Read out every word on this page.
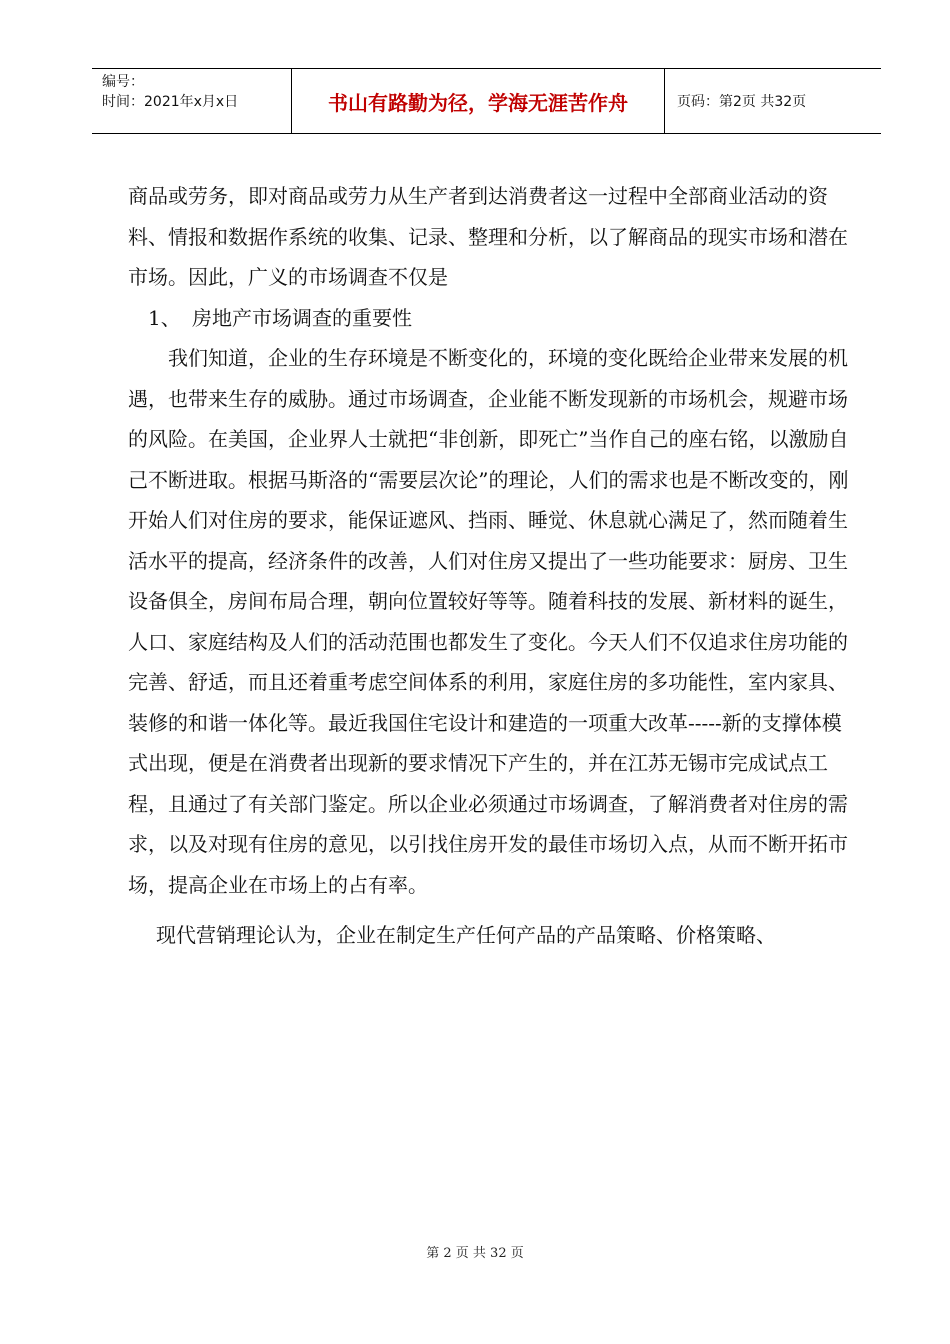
编号：
时间：2021年x月x日	书山有路勤为径，学海无涯苦作舟	页码：第2页 共32页

商品或劳务，即对商品或劳力从生产者到达消费者这一过程中全部商业活动的资料、情报和数据作系统的收集、记录、整理和分析，以了解商品的现实市场和潜在市场。因此，广义的市场调查不仅是

1、 房地产市场调查的重要性

我们知道，企业的生存环境是不断变化的，环境的变化既给企业带来发展的机遇，也带来生存的威胁。通过市场调查，企业能不断发现新的市场机会，规避市场的风险。在美国，企业界人士就把“非创新，即死亡”当作自己的座右铭，以激励自己不断进取。根据马斯洛的“需要层次论”的理论，人们的需求也是不断改变的，刚开始人们对住房的要求，能保证遮风、挡雨、睡觉、休息就心满足了，然而随着生活水平的提高，经济条件的改善，人们对住房又提出了一些功能要求：厨房、卫生设备俱全，房间布局合理，朝向位置较好等等。随着科技的发展、新材料的诞生，人口、家庭结构及人们的活动范围也都发生了变化。今天人们不仅追求住房功能的完善、舒适，而且还着重考虑空间体系的利用，家庭住房的多功能性，室内家具、装修的和谐一体化等。最近我国住宅设计和建造的一项重大改革-----新的支撑体模式出现，便是在消费者出现新的要求情况下产生的，并在江苏无锡市完成试点工程，且通过了有关部门鉴定。所以企业必须通过市场调查，了解消费者对住房的需求，以及对现有住房的意见，以引找住房开发的最佳市场切入点，从而不断开拓市场，提高企业在市场上的占有率。

现代营销理论认为，企业在制定生产任何产品的产品策略、价格策略、

第 2 页 共 32 页
